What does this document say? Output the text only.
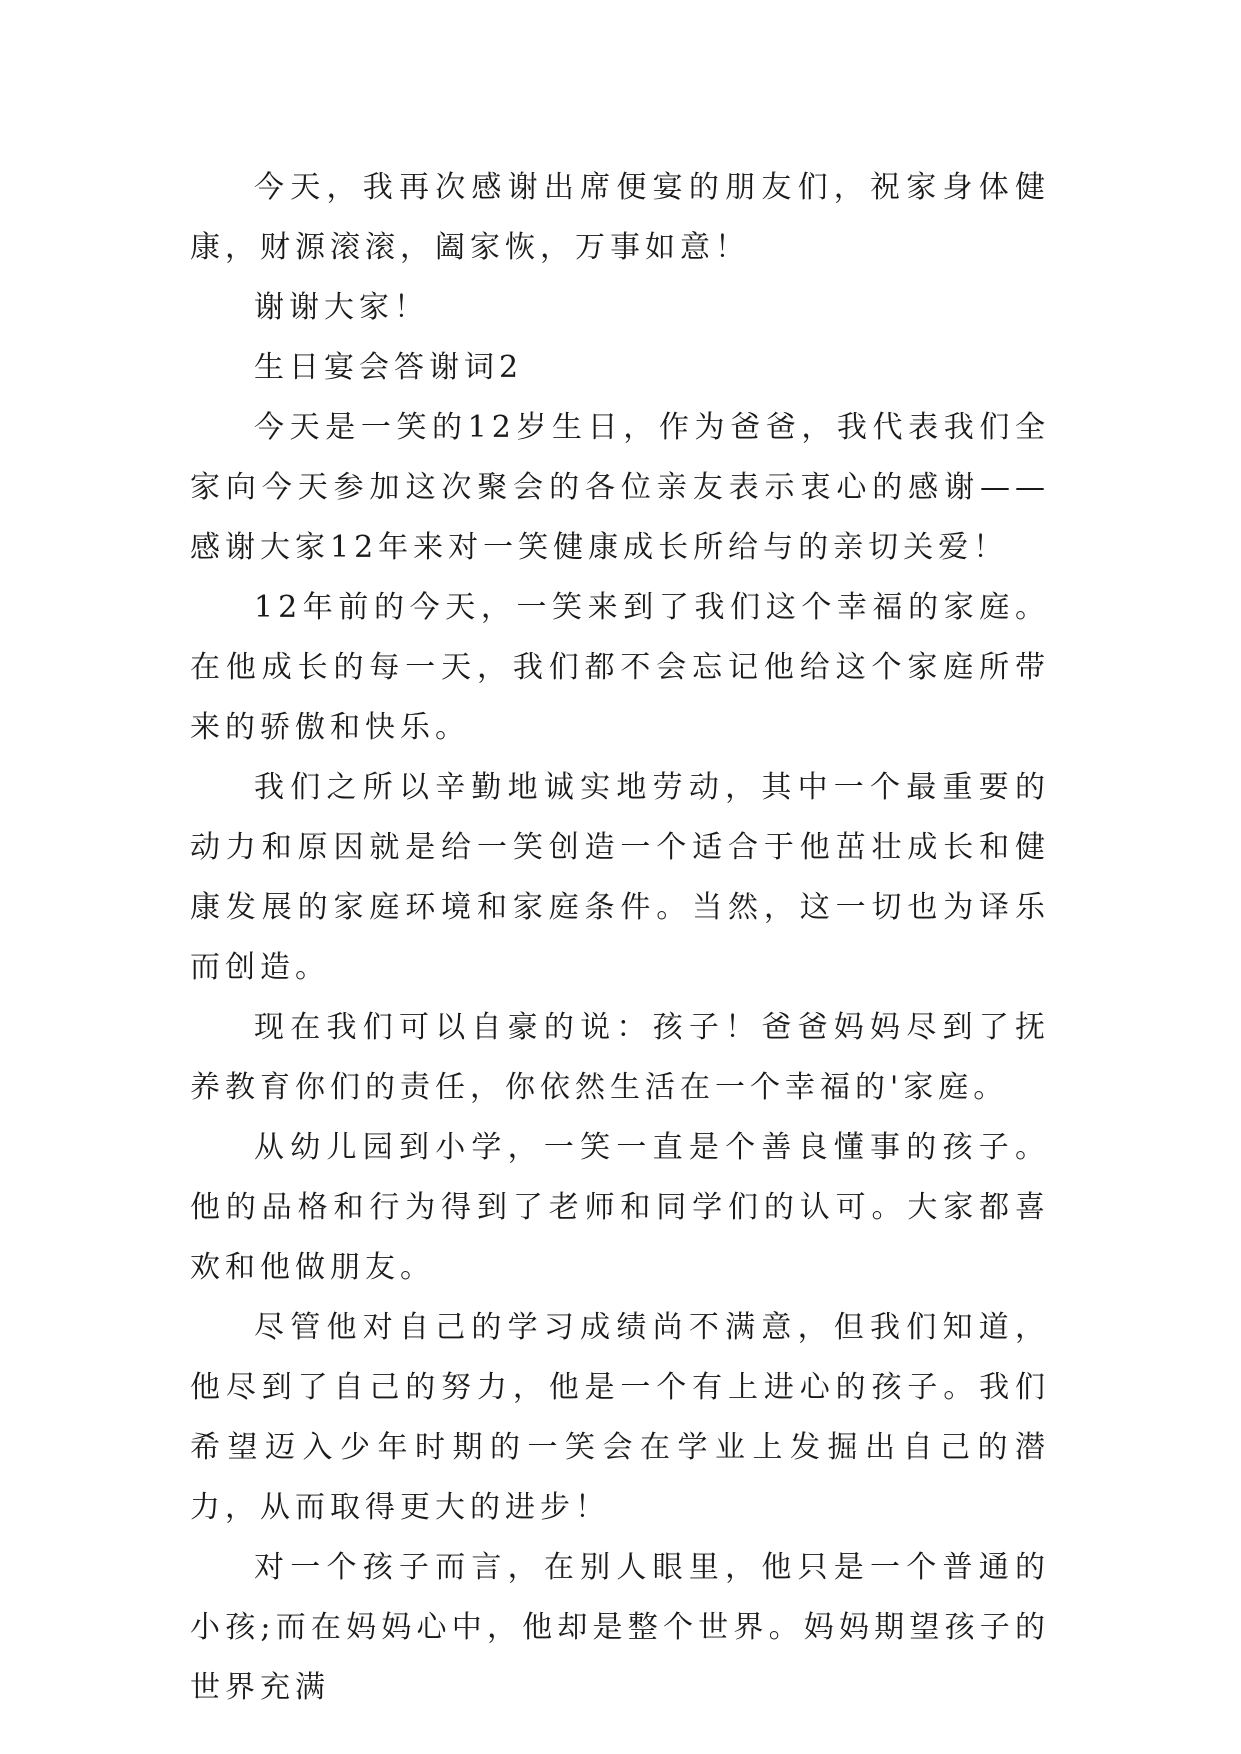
今天，我再次感谢出席便宴的朋友们，祝家身体健康，财源滚滚，阖家恢，万事如意！

谢谢大家！

生日宴会答谢词2

今天是一笑的12岁生日，作为爸爸，我代表我们全家向今天参加这次聚会的各位亲友表示衷心的感谢——感谢大家12年来对一笑健康成长所给与的亲切关爱！

12年前的今天，一笑来到了我们这个幸福的家庭。在他成长的每一天，我们都不会忘记他给这个家庭所带来的骄傲和快乐。

我们之所以辛勤地诚实地劳动，其中一个最重要的动力和原因就是给一笑创造一个适合于他茁壮成长和健康发展的家庭环境和家庭条件。当然，这一切也为译乐而创造。

现在我们可以自豪的说：孩子！爸爸妈妈尽到了抚养教育你们的责任，你依然生活在一个幸福的'家庭。

从幼儿园到小学，一笑一直是个善良懂事的孩子。他的品格和行为得到了老师和同学们的认可。大家都喜欢和他做朋友。

尽管他对自己的学习成绩尚不满意，但我们知道，他尽到了自己的努力，他是一个有上进心的孩子。我们希望迈入少年时期的一笑会在学业上发掘出自己的潜力，从而取得更大的进步！

对一个孩子而言，在别人眼里，他只是一个普通的小孩;而在妈妈心中，他却是整个世界。妈妈期望孩子的世界充满
